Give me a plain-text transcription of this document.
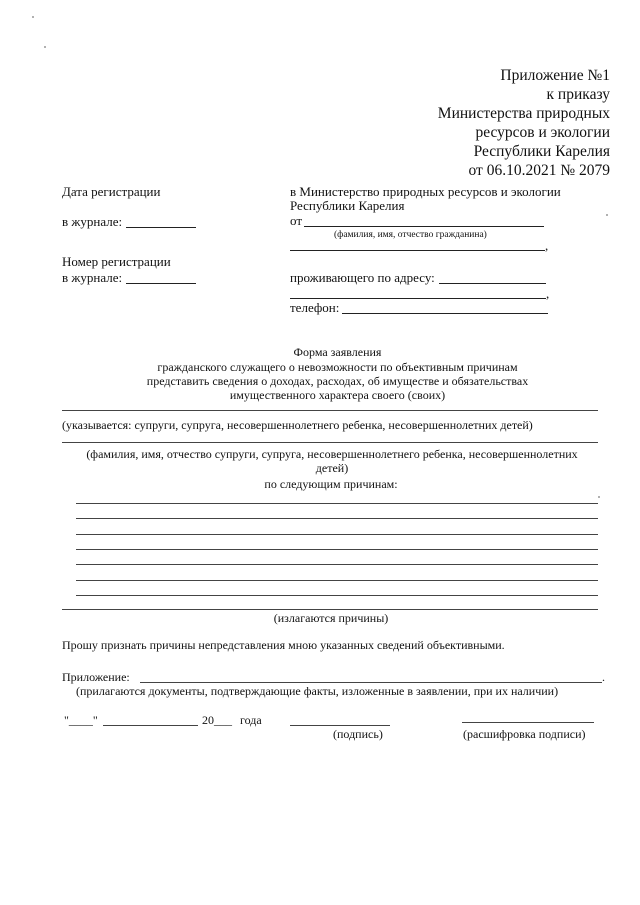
Приложение №1
к приказу
Министерства природных
ресурсов и экологии
Республики Карелия
от 06.10.2021 № 2079
Дата регистрации
в журнале:
Номер регистрации
в журнале:
в Министерство природных ресурсов и экологии
Республики Карелия
от
(фамилия, имя, отчество гражданина)
,
проживающего по адресу:
,
телефон:
Форма заявления
гражданского служащего о невозможности по объективным причинам
представить сведения о доходах, расходах, об имуществе и обязательствах
имущественного характера своего (своих)
(указывается: супруги, супруга, несовершеннолетнего ребенка, несовершеннолетних детей)
(фамилия, имя, отчество супруги, супруга, несовершеннолетнего ребенка, несовершеннолетних
детей)
по следующим причинам:
(излагаются причины)
Прошу признать причины непредставления мною указанных сведений объективными.
Приложение:	.
(прилагаются документы, подтверждающие факты, изложенные в заявлении, при их наличии)
"____"	20___ года
(подпись)	(расшифровка подписи)
